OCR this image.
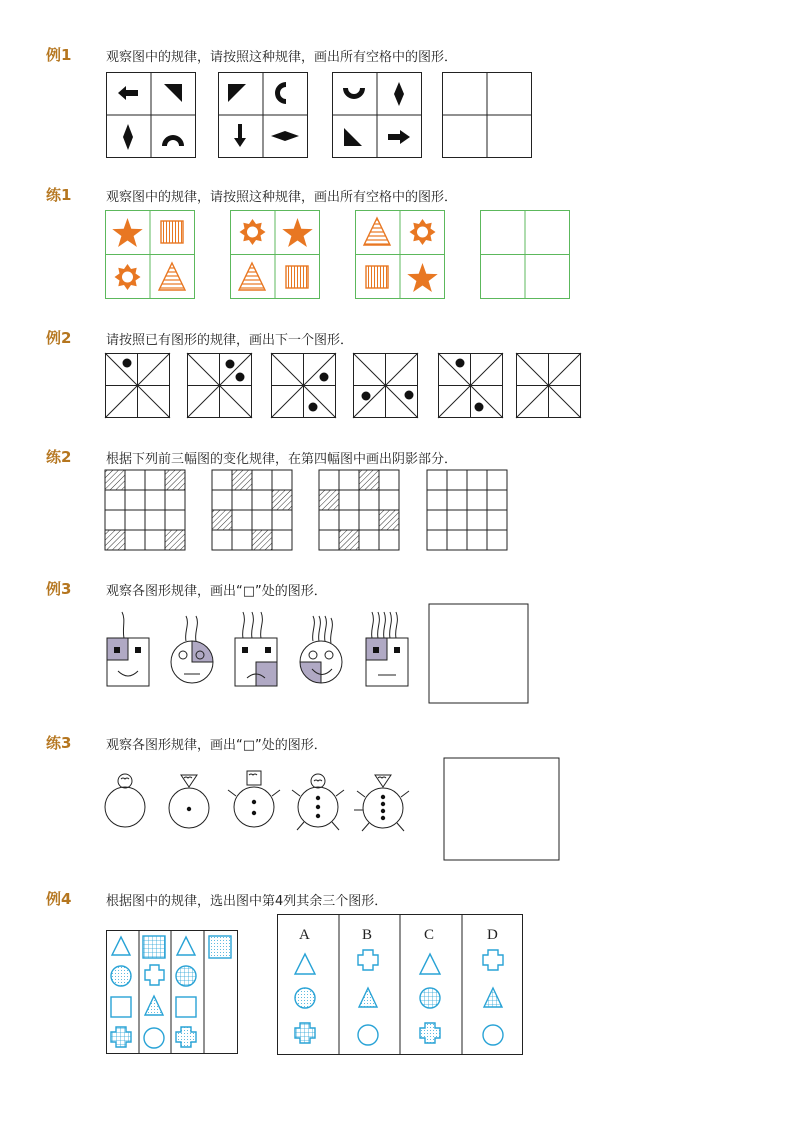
例1	观察图中的规律，请按照这种规律，画出所有空格中的图形．
练1	观察图中的规律，请按照这种规律，画出所有空格中的图形．
例2	请按照已有图形的规律，画出下一个图形．
练2	根据下列前三幅图的变化规律，在第四幅图中画出阴影部分．
例3	观察各图形规律，画出“□”处的图形．
练3	观察各图形规律，画出“□”处的图形．
例4	根据图中的规律，选出图中第4列其余三个图形．
A	B	C	D
